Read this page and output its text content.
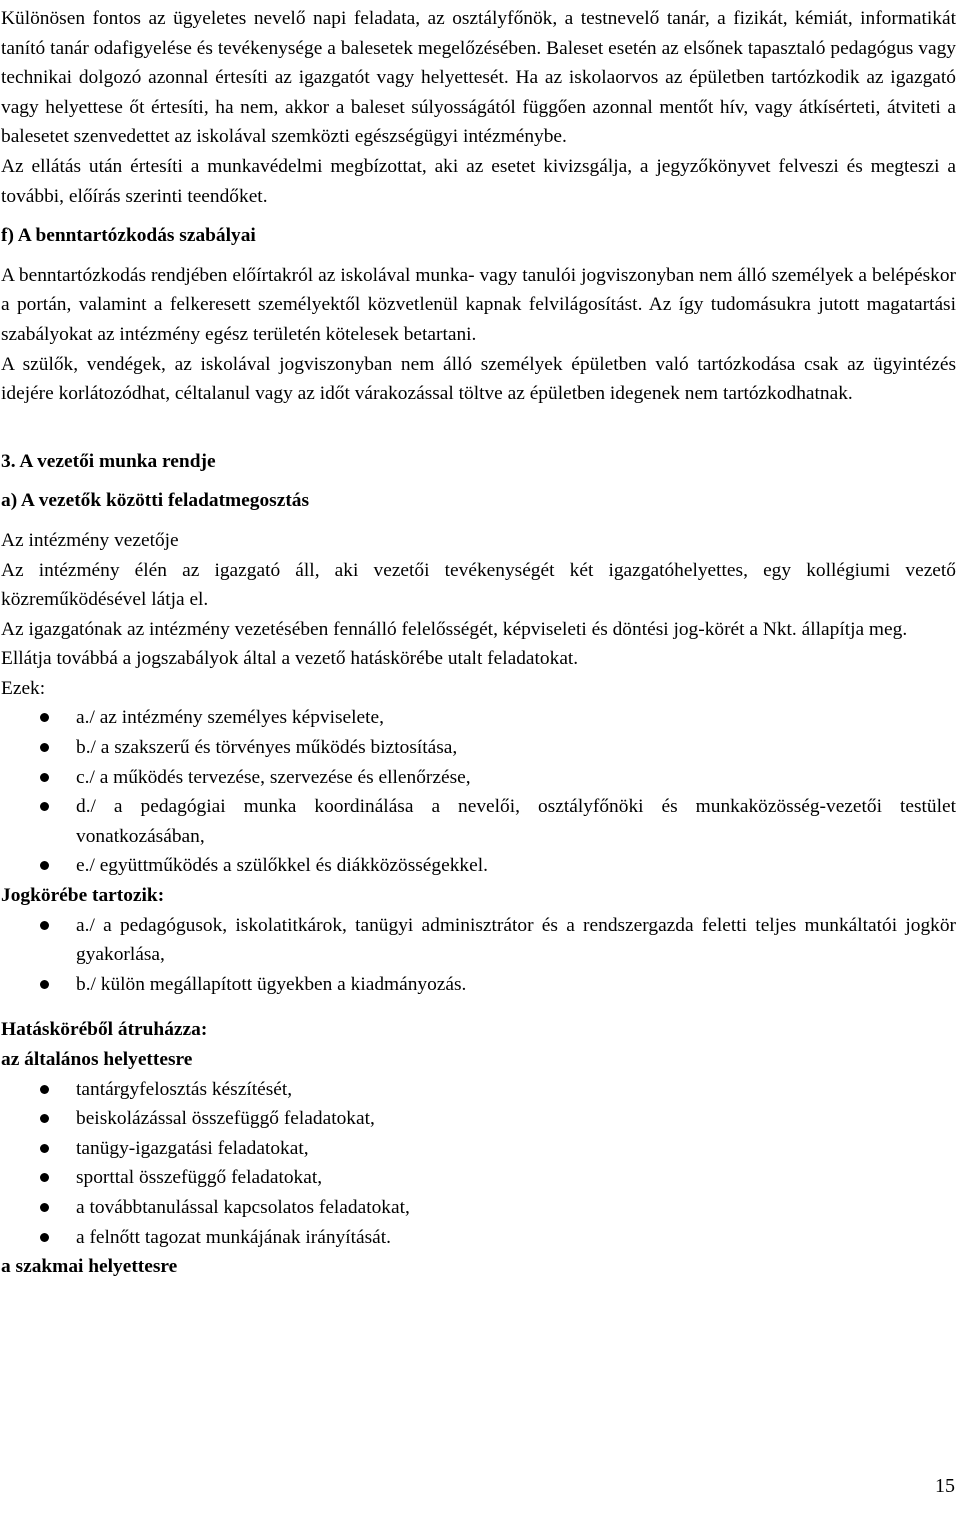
Különösen fontos az ügyeletes nevelő napi feladata, az osztályfőnök, a testnevelő tanár, a fizikát, kémiát, informatikát tanító tanár odafigyelése és tevékenysége a balesetek megelőzésében. Baleset esetén az elsőnek tapasztaló pedagógus vagy technikai dolgozó azonnal értesíti az igazgatót vagy helyettesét. Ha az iskolaorvos az épületben tartózkodik az igazgató vagy helyettese őt értesíti, ha nem, akkor a baleset súlyosságától függően azonnal mentőt hív, vagy átkísérteti, átviteti a balesetet szenvedettet az iskolával szemközti egészségügyi intézménybe.

Az ellátás után értesíti a munkavédelmi megbízottat, aki az esetet kivizsgálja, a jegyzőkönyvet felveszi és megteszi a további, előírás szerinti teendőket.

f) A benntartózkodás szabályai

A benntartózkodás rendjében előírtakról az iskolával munka- vagy tanulói jogviszonyban nem álló személyek a belépéskor a portán, valamint a felkeresett személyektől közvetlenül kapnak felvilágosítást. Az így tudomásukra jutott magatartási szabályokat az intézmény egész területén kötelesek betartani.

A szülők, vendégek, az iskolával jogviszonyban nem álló személyek épületben való tartózkodása csak az ügyintézés idejére korlátozódhat, céltalanul vagy az időt várakozással töltve az épületben idegenek nem tartózkodhatnak.

3. A vezetői munka rendje

a) A vezetők közötti feladatmegosztás

Az intézmény vezetője

Az intézmény élén az igazgató áll, aki vezetői tevékenységét két igazgatóhelyettes, egy kollégiumi vezető közreműködésével látja el.

Az igazgatónak az intézmény vezetésében fennálló felelősségét, képviseleti és döntési jog-körét a Nkt. állapítja meg.

Ellátja továbbá a jogszabályok által a vezető hatáskörébe utalt feladatokat.

Ezek:

a./ az intézmény személyes képviselete,
b./ a szakszerű és törvényes működés biztosítása,
c./ a működés tervezése, szervezése és ellenőrzése,
d./ a pedagógiai munka koordinálása a nevelői, osztályfőnöki és munkaközösség-vezetői testület vonatkozásában,
e./ együttműködés a szülőkkel és diákközösségekkel.

Jogkörébe tartozik:

a./ a pedagógusok, iskolatitkárok, tanügyi adminisztrátor és a rendszergazda feletti teljes munkáltatói jogkör gyakorlása,
b./ külön megállapított ügyekben a kiadmányozás.

Hatásköréből átruházza:

az általános helyettesre

tantárgyfelosztás készítését,
beiskolázással összefüggő feladatokat,
tanügy-igazgatási feladatokat,
sporttal összefüggő feladatokat,
a továbbtanulással kapcsolatos feladatokat,
a felnőtt tagozat munkájának irányítását.

a szakmai helyettesre

15
